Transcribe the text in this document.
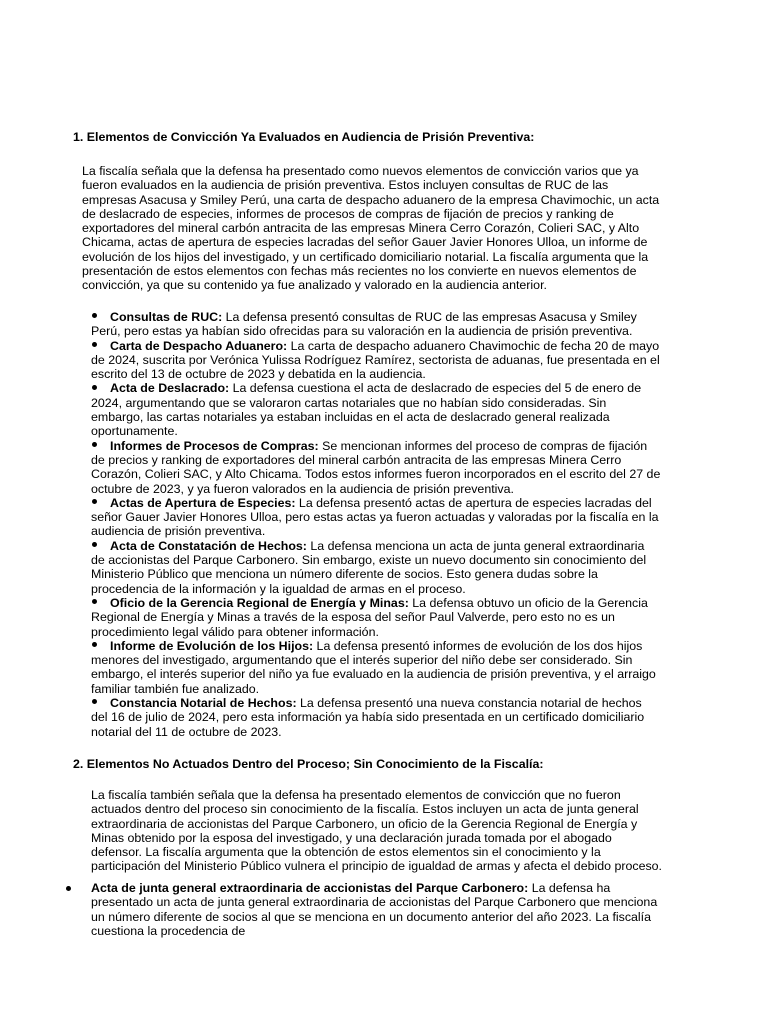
1. Elementos de Convicción Ya Evaluados en Audiencia de Prisión Preventiva:

La fiscalía señala que la defensa ha presentado como nuevos elementos de convicción varios que ya fueron evaluados en la audiencia de prisión preventiva. Estos incluyen consultas de RUC de las empresas Asacusa y Smiley Perú, una carta de despacho aduanero de la empresa Chavimochic, un acta de deslacrado de especies, informes de procesos de compras de fijación de precios y ranking de exportadores del mineral carbón antracita de las empresas Minera Cerro Corazón, Colieri SAC, y Alto Chicama, actas de apertura de especies lacradas del señor Gauer Javier Honores Ulloa, un informe de evolución de los hijos del investigado, y un certificado domiciliario notarial. La fiscalía argumenta que la presentación de estos elementos con fechas más recientes no los convierte en nuevos elementos de convicción, ya que su contenido ya fue analizado y valorado en la audiencia anterior.

Consultas de RUC: La defensa presentó consultas de RUC de las empresas Asacusa y Smiley Perú, pero estas ya habían sido ofrecidas para su valoración en la audiencia de prisión preventiva.
Carta de Despacho Aduanero: La carta de despacho aduanero Chavimochic de fecha 20 de mayo de 2024, suscrita por Verónica Yulissa Rodríguez Ramírez, sectorista de aduanas, fue presentada en el escrito del 13 de octubre de 2023 y debatida en la audiencia.
Acta de Deslacrado: La defensa cuestiona el acta de deslacrado de especies del 5 de enero de 2024, argumentando que se valoraron cartas notariales que no habían sido consideradas. Sin embargo, las cartas notariales ya estaban incluidas en el acta de deslacrado general realizada oportunamente.
Informes de Procesos de Compras: Se mencionan informes del proceso de compras de fijación de precios y ranking de exportadores del mineral carbón antracita de las empresas Minera Cerro Corazón, Colieri SAC, y Alto Chicama. Todos estos informes fueron incorporados en el escrito del 27 de octubre de 2023, y ya fueron valorados en la audiencia de prisión preventiva.
Actas de Apertura de Especies: La defensa presentó actas de apertura de especies lacradas del señor Gauer Javier Honores Ulloa, pero estas actas ya fueron actuadas y valoradas por la fiscalía en la audiencia de prisión preventiva.
Acta de Constatación de Hechos: La defensa menciona un acta de junta general extraordinaria de accionistas del Parque Carbonero. Sin embargo, existe un nuevo documento sin conocimiento del Ministerio Público que menciona un número diferente de socios. Esto genera dudas sobre la procedencia de la información y la igualdad de armas en el proceso.
Oficio de la Gerencia Regional de Energía y Minas: La defensa obtuvo un oficio de la Gerencia Regional de Energía y Minas a través de la esposa del señor Paul Valverde, pero esto no es un procedimiento legal válido para obtener información.
Informe de Evolución de los Hijos: La defensa presentó informes de evolución de los dos hijos menores del investigado, argumentando que el interés superior del niño debe ser considerado. Sin embargo, el interés superior del niño ya fue evaluado en la audiencia de prisión preventiva, y el arraigo familiar también fue analizado.
Constancia Notarial de Hechos: La defensa presentó una nueva constancia notarial de hechos del 16 de julio de 2024, pero esta información ya había sido presentada en un certificado domiciliario notarial del 11 de octubre de 2023.
2. Elementos No Actuados Dentro del Proceso; Sin Conocimiento de la Fiscalía:

La fiscalía también señala que la defensa ha presentado elementos de convicción que no fueron actuados dentro del proceso sin conocimiento de la fiscalía. Estos incluyen un acta de junta general extraordinaria de accionistas del Parque Carbonero, un oficio de la Gerencia Regional de Energía y Minas obtenido por la esposa del investigado, y una declaración jurada tomada por el abogado defensor. La fiscalía argumenta que la obtención de estos elementos sin el conocimiento y la participación del Ministerio Público vulnera el principio de igualdad de armas y afecta el debido proceso.

Acta de junta general extraordinaria de accionistas del Parque Carbonero: La defensa ha presentado un acta de junta general extraordinaria de accionistas del Parque Carbonero que menciona un número diferente de socios al que se menciona en un documento anterior del año 2023. La fiscalía cuestiona la procedencia de
